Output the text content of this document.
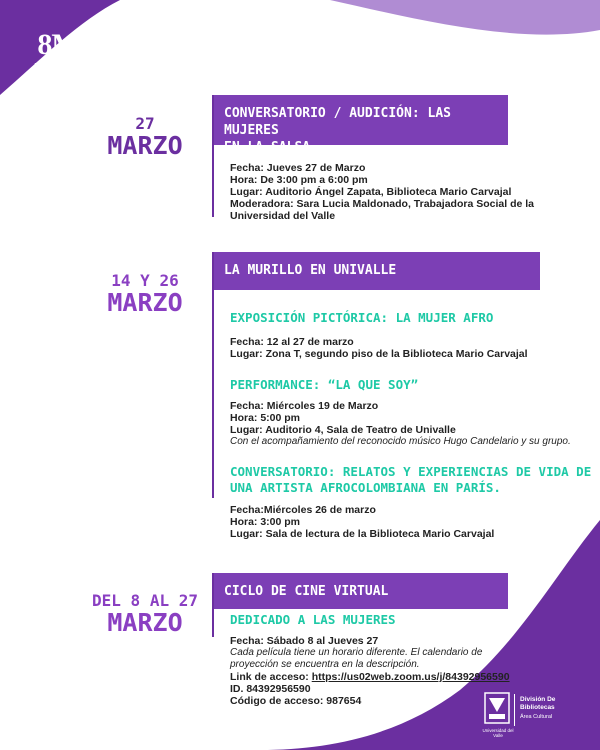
8M
MARZO
Mes de la Mujer
27
MARZO
CONVERSATORIO / AUDICIÓN: LAS MUJERES
EN LA SALSA.
Fecha: Jueves 27 de Marzo
Hora: De 3:00 pm a 6:00 pm
Lugar: Auditorio Ángel Zapata, Biblioteca Mario Carvajal
Moderadora: Sara Lucia Maldonado, Trabajadora Social de la
Universidad del Valle
14 Y 26
MARZO
LA MURILLO EN UNIVALLE
EXPOSICIÓN PICTÓRICA: LA MUJER AFRO
Fecha: 12 al 27 de marzo
Lugar: Zona T, segundo piso de la Biblioteca Mario Carvajal
PERFORMANCE: “LA QUE SOY”
Fecha: Miércoles 19 de Marzo
Hora: 5:00 pm
Lugar: Auditorio 4, Sala de Teatro de Univalle
Con el acompañamiento del reconocido músico Hugo Candelario y su grupo.
CONVERSATORIO: RELATOS Y EXPERIENCIAS DE VIDA DE
UNA ARTISTA AFROCOLOMBIANA EN PARÍS.
Fecha:Miércoles 26 de marzo
Hora: 3:00 pm
Lugar: Sala de lectura de la Biblioteca Mario Carvajal
DEL 8 AL 27
MARZO
CICLO DE CINE VIRTUAL
DEDICADO A LAS MUJERES
Fecha: Sábado 8 al Jueves 27
Cada película tiene un horario diferente. El calendario de
proyección se encuentra en la descripción.
Link de acceso: https://us02web.zoom.us/j/84392956590
ID. 84392956590
Código de acceso: 987654	División De
Bibliotecas
Área Cultural
Universidad del Valle
